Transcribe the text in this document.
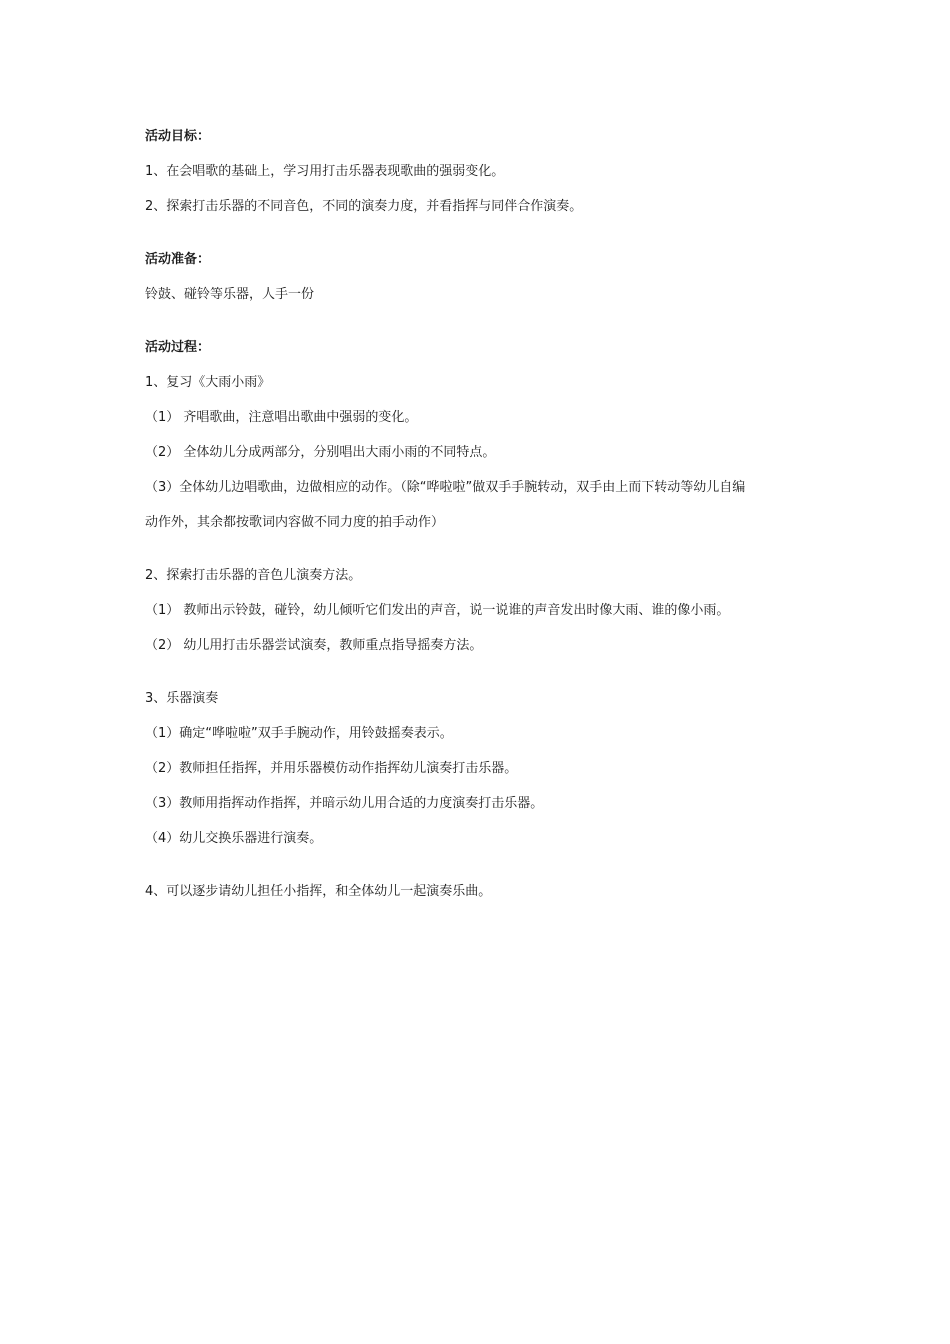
活动目标：
1、在会唱歌的基础上，学习用打击乐器表现歌曲的强弱变化。
2、探索打击乐器的不同音色，不同的演奏力度，并看指挥与同伴合作演奏。
活动准备：
铃鼓、碰铃等乐器，人手一份
活动过程：
1、复习《大雨小雨》
（1） 齐唱歌曲，注意唱出歌曲中强弱的变化。
（2） 全体幼儿分成两部分，分别唱出大雨小雨的不同特点。
（3）全体幼儿边唱歌曲，边做相应的动作。（除“哗啦啦”做双手手腕转动，双手由上而下转动等幼儿自编
动作外，其余都按歌词内容做不同力度的拍手动作）
2、探索打击乐器的音色儿演奏方法。
（1） 教师出示铃鼓，碰铃，幼儿倾听它们发出的声音，说一说谁的声音发出时像大雨、谁的像小雨。
（2） 幼儿用打击乐器尝试演奏，教师重点指导摇奏方法。
3、乐器演奏
（1）确定“哗啦啦”双手手腕动作，用铃鼓摇奏表示。
（2）教师担任指挥，并用乐器模仿动作指挥幼儿演奏打击乐器。
（3）教师用指挥动作指挥，并暗示幼儿用合适的力度演奏打击乐器。
（4）幼儿交换乐器进行演奏。
4、可以逐步请幼儿担任小指挥，和全体幼儿一起演奏乐曲。
